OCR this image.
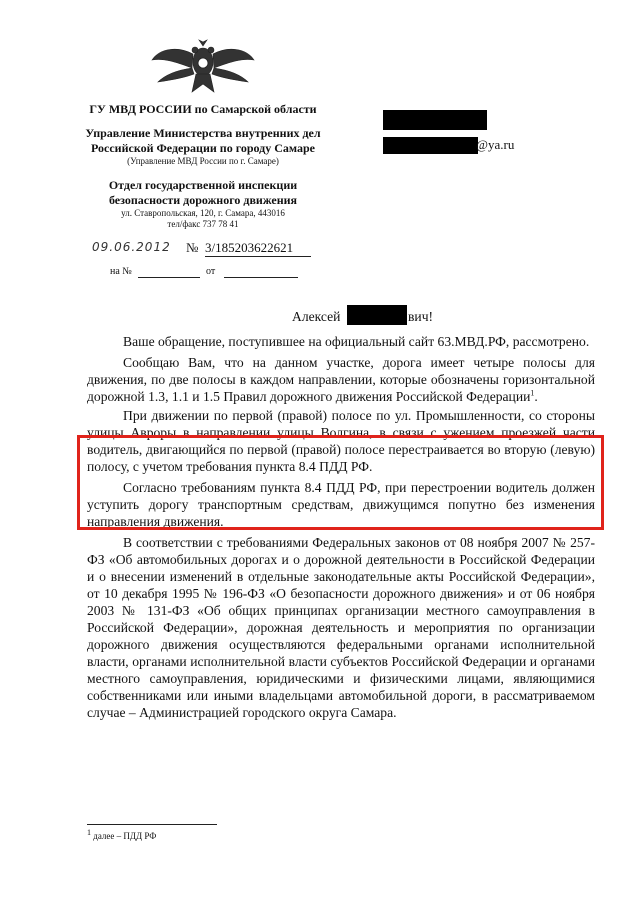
ГУ МВД РОССИИ по Самарской области
Управление Министерства внутренних дел
Российской Федерации по городу Самаре
(Управление МВД России по г. Самаре)
Отдел государственной инспекции
безопасности дорожного движения
ул. Ставропольская, 120, г. Самара, 443016
тел/факс 737 78 41
09.06.2012 № 3/185203622621
на №	от
@ya.ru
Алексей	вич!

Ваше обращение, поступившее на официальный сайт 63.МВД.РФ, рассмотрено.

Сообщаю Вам, что на данном участке, дорога имеет четыре полосы для движения, по две полосы в каждом направлении, которые обозначены горизонтальной дорожной 1.3, 1.1 и 1.5 Правил дорожного движения Российской Федерации$^1$.

При движении по первой (правой) полосе по ул. Промышленности, со стороны улицы Авроры в направлении улицы Волгина, в связи с ужением проезжей части водитель, двигающийся по первой (правой) полосе перестраивается во вторую (левую) полосу, с учетом требования пункта 8.4 ПДД РФ.

Согласно требованиям пункта 8.4 ПДД РФ, при перестроении водитель должен уступить дорогу транспортным средствам, движущимся попутно без изменения направления движения.

В соответствии с требованиями Федеральных законов от 08 ноября 2007 № 257-ФЗ «Об автомобильных дорогах и о дорожной деятельности в Российской Федерации и о внесении изменений в отдельные законодательные акты Российской Федерации», от 10 декабря 1995 № 196-ФЗ «О безопасности дорожного движения» и от 06 ноября 2003 № 131-ФЗ «Об общих принципах организации местного самоуправления в Российской Федерации», дорожная деятельность и мероприятия по организации дорожного движения осуществляются федеральными органами исполнительной власти, органами исполнительной власти субъектов Российской Федерации и органами местного самоуправления, юридическими и физическими лицами, являющимися собственниками или иными владельцами автомобильной дороги, в рассматриваемом случае – Администрацией городского округа Самара.

$^1$ далее – ПДД РФ
